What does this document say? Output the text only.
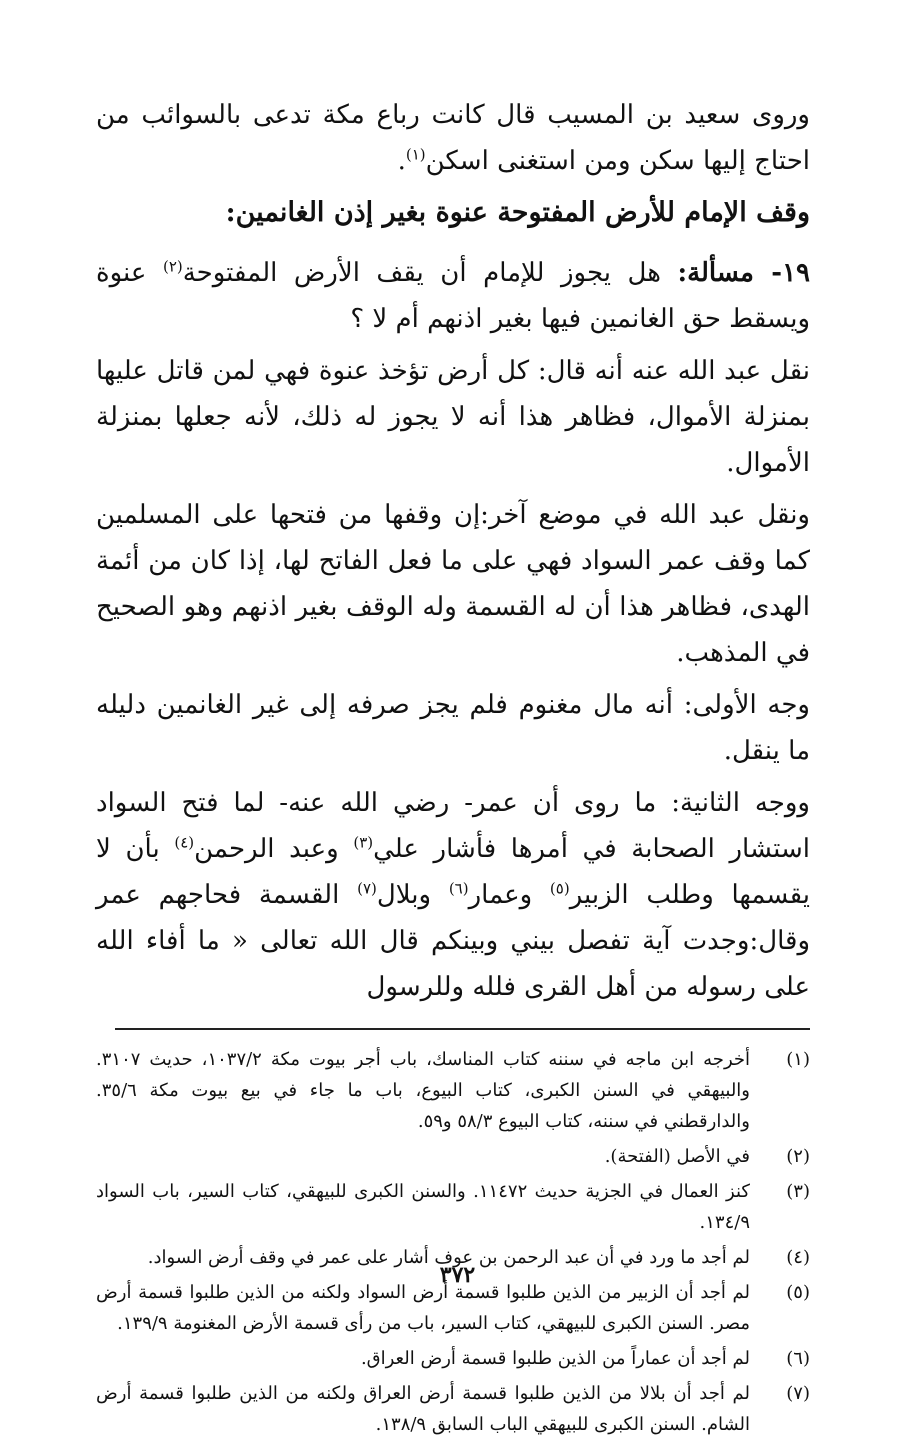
وروى سعيد بن المسيب قال كانت رباع مكة تدعى بالسوائب من احتاج إليها سكن ومن استغنى اسكن$^{(١)}$.

وقف الإمام للأرض المفتوحة عنوة بغير إذن الغانمين:

١٩- مسألة: هل يجوز للإمام أن يقف الأرض المفتوحة$^{(٢)}$ عنوة ويسقط حق الغانمين فيها بغير اذنهم أم لا ؟

نقل عبد الله عنه أنه قال: كل أرض تؤخذ عنوة فهي لمن قاتل عليها بمنزلة الأموال، فظاهر هذا أنه لا يجوز له ذلك، لأنه جعلها بمنزلة الأموال.

ونقل عبد الله في موضع آخر:إن وقفها من فتحها على المسلمين كما وقف عمر السواد فهي على ما فعل الفاتح لها، إذا كان من أئمة الهدى، فظاهر هذا أن له القسمة وله الوقف بغير اذنهم وهو الصحيح في المذهب.

وجه الأولى: أنه مال مغنوم فلم يجز صرفه إلى غير الغانمين دليله ما ينقل.

ووجه الثانية: ما روى أن عمر- رضي الله عنه- لما فتح السواد استشار الصحابة في أمرها فأشار علي$^{(٣)}$ وعبد الرحمن$^{(٤)}$ بأن لا يقسمها وطلب الزبير$^{(٥)}$ وعمار$^{(٦)}$ وبلال$^{(٧)}$ القسمة فحاجهم عمر وقال:وجدت آية تفصل بيني وبينكم قال الله تعالى « ما أفاء الله على رسوله من أهل القرى فلله وللرسول

(١)
أخرجه ابن ماجه في سننه كتاب المناسك، باب أجر بيوت مكة ١٠٣٧/٢، حديث ٣١٠٧. والبيهقي في السنن الكبرى، كتاب البيوع، باب ما جاء في بيع بيوت مكة ٣٥/٦. والدارقطني في سننه، كتاب البيوع ٥٨/٣ و٥٩.
(٢)
في الأصل (الفتحة).
(٣)
كنز العمال في الجزية حديث ١١٤٧٢. والسنن الكبرى للبيهقي، كتاب السير، باب السواد ١٣٤/٩.
(٤)
لم أجد ما ورد في أن عبد الرحمن بن عوف أشار على عمر في وقف أرض السواد.
(٥)
لم أجد أن الزبير من الذين طلبوا قسمة أرض السواد ولكنه من الذين طلبوا قسمة أرض مصر. السنن الكبرى للبيهقي، كتاب السير، باب من رأى قسمة الأرض المغنومة ١٣٩/٩.
(٦)
لم أجد أن عماراً من الذين طلبوا قسمة أرض العراق.
(٧)
لم أجد أن بلالا من الذين طلبوا قسمة أرض العراق ولكنه من الذين طلبوا قسمة أرض الشام. السنن الكبرى للبيهقي الباب السابق ١٣٨/٩.
٣٧٢
